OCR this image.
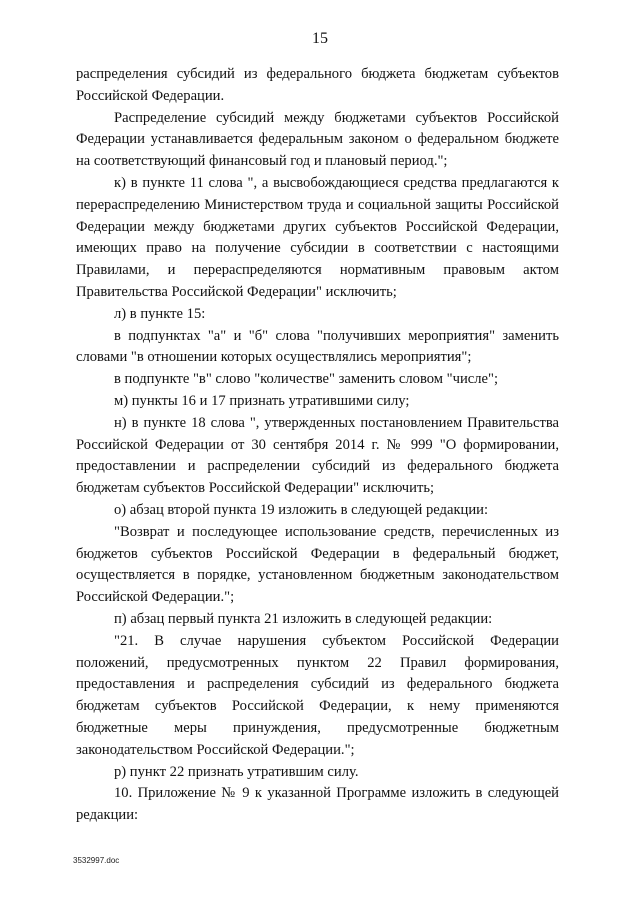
15

распределения субсидий из федерального бюджета бюджетам субъектов Российской Федерации.

Распределение субсидий между бюджетами субъектов Российской Федерации устанавливается федеральным законом о федеральном бюджете на соответствующий финансовый год и плановый период.";

к) в пункте 11 слова ", а высвобождающиеся средства предлагаются к перераспределению Министерством труда и социальной защиты Российской Федерации между бюджетами других субъектов Российской Федерации, имеющих право на получение субсидии в соответствии с настоящими Правилами, и перераспределяются нормативным правовым актом Правительства Российской Федерации" исключить;

л) в пункте 15:

в подпунктах "а" и "б" слова "получивших мероприятия" заменить словами "в отношении которых осуществлялись мероприятия";

в подпункте "в" слово "количестве" заменить словом "числе";

м) пункты 16 и 17 признать утратившими силу;

н) в пункте 18 слова ", утвержденных постановлением Правительства Российской Федерации от 30 сентября 2014 г. № 999 "О формировании, предоставлении и распределении субсидий из федерального бюджета бюджетам субъектов Российской Федерации" исключить;

о) абзац второй пункта 19 изложить в следующей редакции:

"Возврат и последующее использование средств, перечисленных из бюджетов субъектов Российской Федерации в федеральный бюджет, осуществляется в порядке, установленном бюджетным законодательством Российской Федерации.";

п) абзац первый пункта 21 изложить в следующей редакции:

"21. В случае нарушения субъектом Российской Федерации положений, предусмотренных пунктом 22 Правил формирования, предоставления и распределения субсидий из федерального бюджета бюджетам субъектов Российской Федерации, к нему применяются бюджетные меры принуждения, предусмотренные бюджетным законодательством Российской Федерации.";

р) пункт 22 признать утратившим силу.

10. Приложение № 9 к указанной Программе изложить в следующей редакции:

3532997.doc
